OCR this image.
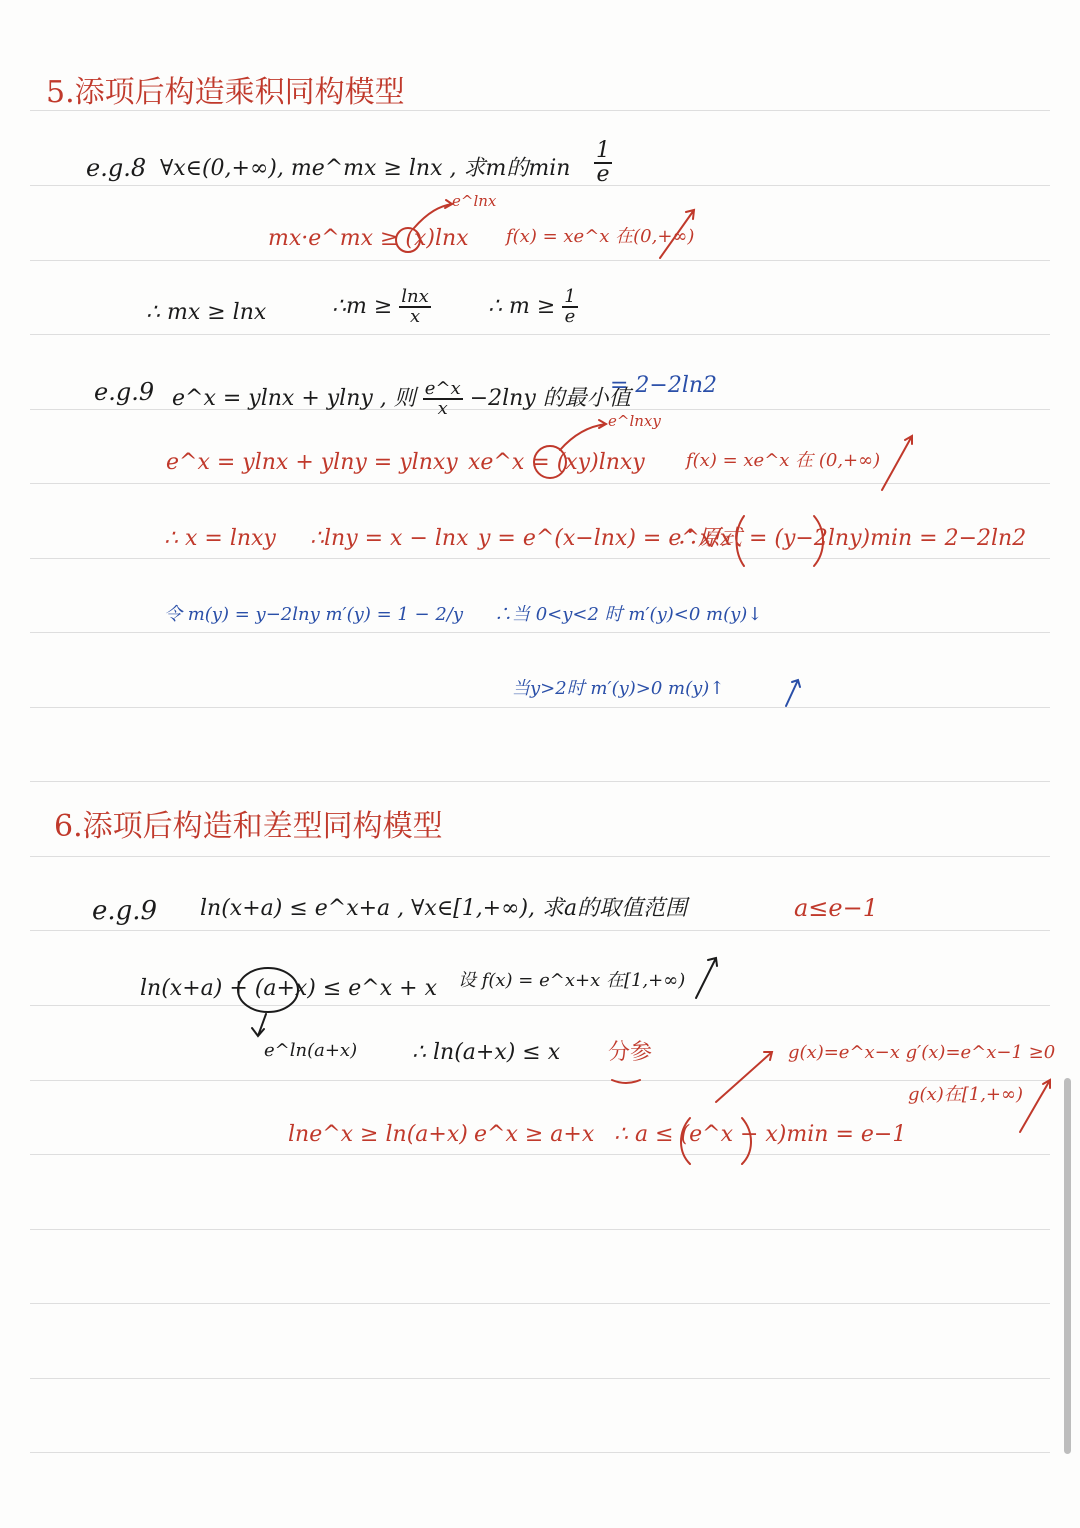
5.添项后构造乘积同构模型
e.g.8 ∀x∈(0,+∞), me^mx ≥ lnx , 求m的$\min \frac{1}{e}$
e^lnx
mx·e^mx ≥ (x)lnx f(x) = xe^x 在(0,+∞)
∴ mx ≥ lnx	∴m ≥ $\frac{\ln x}{x}$	∴ $m \ge \frac{1}{e}$
e.g.9 e^x = ylnx + ylny , 则 $\frac{e\^{}x}{x} -2\ln y$ 的最小值
= 2−2ln2
e^lnxy
e^x = ylnx + ylny = ylnxy xe^x = (xy)lnxy f(x) = xe^x 在 (0,+∞)
∴ x = lnxy ∴lny = x − lnx y = e^(x−lnx) = e^x/x
∴原式 = (y−2lny)min = 2−2ln2
令 m(y) = y−2lny m′(y) = 1 − 2/y ∴当 0<y<2 时 m′(y)<0 m(y)↓
当y>2时 m′(y)>0 m(y)↑
6.添项后构造和差型同构模型
e.g.9 ln(x+a) ≤ e^x+a , ∀x∈[1,+∞), 求a的取值范围	a≤e−1
ln(x+a) + (a+x) ≤ e^x + x 设 f(x) = e^x+x 在[1,+∞)
e^ln(a+x) ∴ ln(a+x) ≤ x 分参	g(x)=e^x−x g′(x)=e^x−1 ≥0
g(x)在[1,+∞)
lne^x ≥ ln(a+x) e^x ≥ a+x ∴ a ≤ (e^x − x)min = e−1
